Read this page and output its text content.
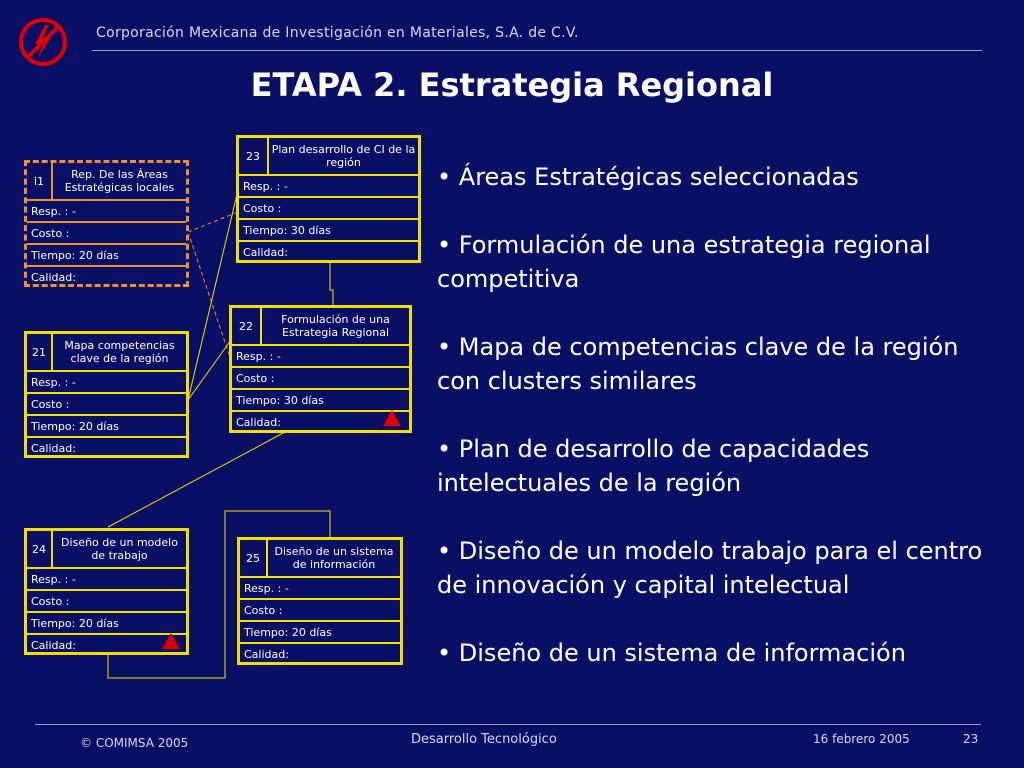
Corporación Mexicana de Investigación en Materiales, S.A. de C.V.
ETAPA 2. Estrategia Regional
i1	Rep. De las Áreas Estratégicas locales
Resp. : -
Costo :
Tiempo: 20 días
Calidad:
21	Mapa competencias clave de la región
Resp. : -
Costo :
Tiempo: 20 días
Calidad:
23	Plan desarrollo de CI de la región
Resp. : -
Costo :
Tiempo: 30 días
Calidad:
22	Formulación de una Estrategia Regional
Resp. : -
Costo :
Tiempo: 30 días
Calidad:
24	Diseño de un modelo de trabajo
Resp. : -
Costo :
Tiempo: 20 días
Calidad:
25	Diseño de un sistema de información
Resp. : -
Costo :
Tiempo: 20 días
Calidad:
• Áreas Estratégicas seleccionadas
• Formulación de una estrategia regional competitiva
• Mapa de competencias clave de la región con clusters similares
• Plan de desarrollo de capacidades intelectuales de la región
• Diseño de un modelo trabajo para el centro de innovación y capital intelectual
• Diseño de un sistema de información
© COMIMSA 2005	Desarrollo Tecnológico	16 febrero 2005	23
